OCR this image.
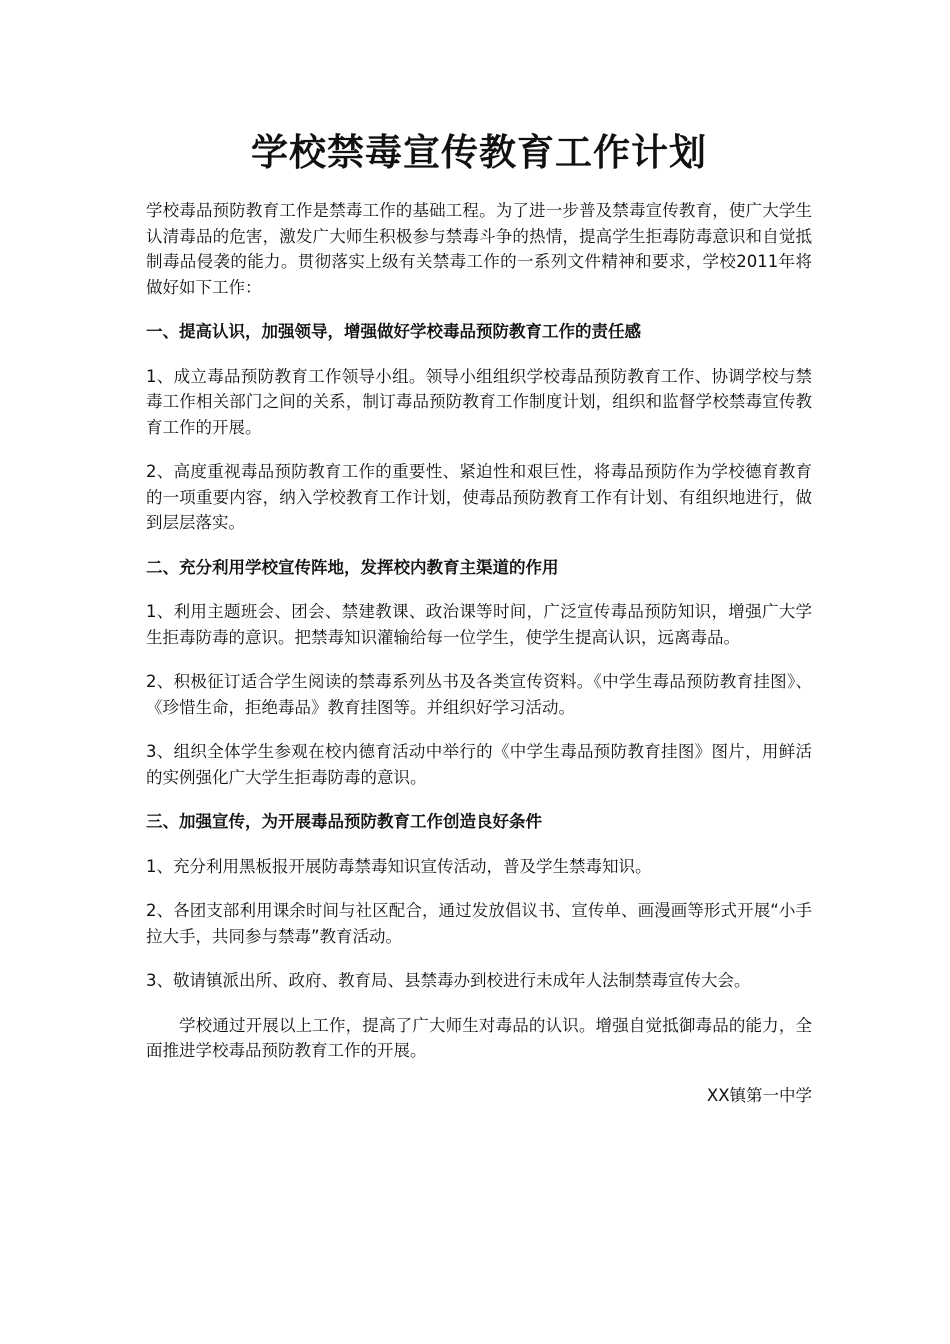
学校禁毒宣传教育工作计划

学校毒品预防教育工作是禁毒工作的基础工程。为了进一步普及禁毒宣传教育，使广大学生认清毒品的危害，激发广大师生积极参与禁毒斗争的热情，提高学生拒毒防毒意识和自觉抵制毒品侵袭的能力。贯彻落实上级有关禁毒工作的一系列文件精神和要求，学校2011年将做好如下工作：

一、提高认识，加强领导，增强做好学校毒品预防教育工作的责任感

1、成立毒品预防教育工作领导小组。领导小组组织学校毒品预防教育工作、协调学校与禁毒工作相关部门之间的关系，制订毒品预防教育工作制度计划，组织和监督学校禁毒宣传教育工作的开展。

2、高度重视毒品预防教育工作的重要性、紧迫性和艰巨性，将毒品预防作为学校德育教育的一项重要内容，纳入学校教育工作计划，使毒品预防教育工作有计划、有组织地进行，做到层层落实。

二、充分利用学校宣传阵地，发挥校内教育主渠道的作用

1、利用主题班会、团会、禁建教课、政治课等时间，广泛宣传毒品预防知识，增强广大学生拒毒防毒的意识。把禁毒知识灌输给每一位学生，使学生提高认识，远离毒品。

2、积极征订适合学生阅读的禁毒系列丛书及各类宣传资料。《中学生毒品预防教育挂图》、《珍惜生命，拒绝毒品》教育挂图等。并组织好学习活动。

3、组织全体学生参观在校内德育活动中举行的《中学生毒品预防教育挂图》图片，用鲜活的实例强化广大学生拒毒防毒的意识。

三、加强宣传，为开展毒品预防教育工作创造良好条件

1、充分利用黑板报开展防毒禁毒知识宣传活动，普及学生禁毒知识。

2、各团支部利用课余时间与社区配合，通过发放倡议书、宣传单、画漫画等形式开展“小手拉大手，共同参与禁毒”教育活动。

3、敬请镇派出所、政府、教育局、县禁毒办到校进行未成年人法制禁毒宣传大会。

学校通过开展以上工作，提高了广大师生对毒品的认识。增强自觉抵御毒品的能力，全面推进学校毒品预防教育工作的开展。

XX镇第一中学
